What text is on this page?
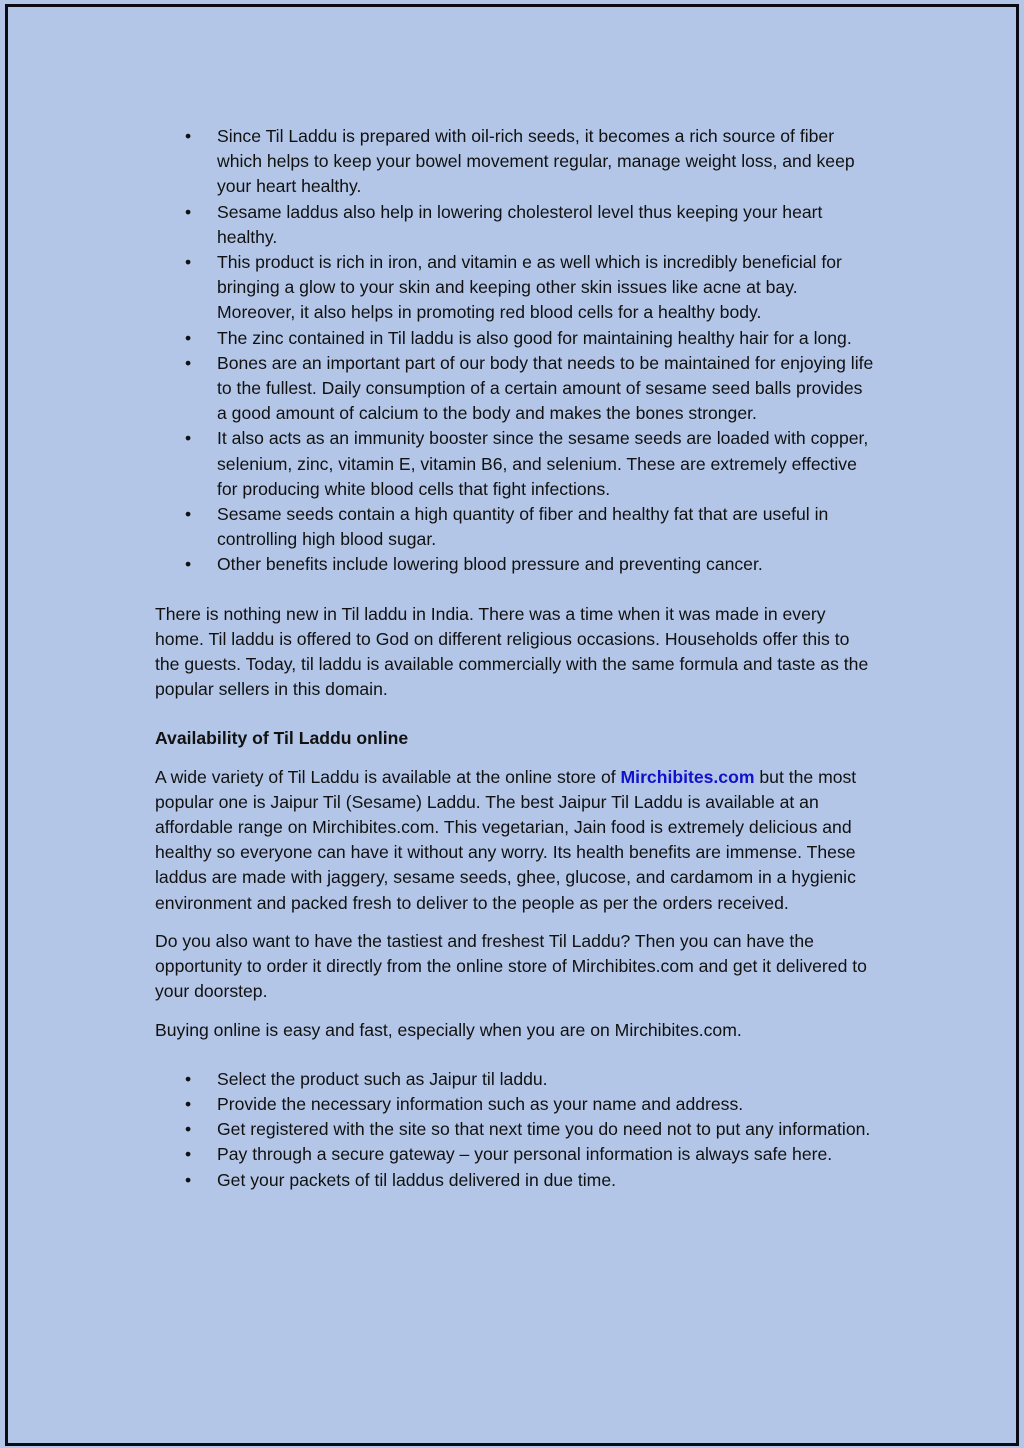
• Since Til Laddu is prepared with oil-rich seeds, it becomes a rich source of fiber which helps to keep your bowel movement regular, manage weight loss, and keep your heart healthy.
• Sesame laddus also help in lowering cholesterol level thus keeping your heart healthy.
• This product is rich in iron, and vitamin e as well which is incredibly beneficial for bringing a glow to your skin and keeping other skin issues like acne at bay. Moreover, it also helps in promoting red blood cells for a healthy body.
• The zinc contained in Til laddu is also good for maintaining healthy hair for a long.
• Bones are an important part of our body that needs to be maintained for enjoying life to the fullest. Daily consumption of a certain amount of sesame seed balls provides a good amount of calcium to the body and makes the bones stronger.
• It also acts as an immunity booster since the sesame seeds are loaded with copper, selenium, zinc, vitamin E, vitamin B6, and selenium. These are extremely effective for producing white blood cells that fight infections.
• Sesame seeds contain a high quantity of fiber and healthy fat that are useful in controlling high blood sugar.
• Other benefits include lowering blood pressure and preventing cancer.

There is nothing new in Til laddu in India. There was a time when it was made in every home. Til laddu is offered to God on different religious occasions. Households offer this to the guests. Today, til laddu is available commercially with the same formula and taste as the popular sellers in this domain.

Availability of Til Laddu online

A wide variety of Til Laddu is available at the online store of Mirchibites.com but the most popular one is Jaipur Til (Sesame) Laddu. The best Jaipur Til Laddu is available at an affordable range on Mirchibites.com. This vegetarian, Jain food is extremely delicious and healthy so everyone can have it without any worry. Its health benefits are immense. These laddus are made with jaggery, sesame seeds, ghee, glucose, and cardamom in a hygienic environment and packed fresh to deliver to the people as per the orders received.

Do you also want to have the tastiest and freshest Til Laddu? Then you can have the opportunity to order it directly from the online store of Mirchibites.com and get it delivered to your doorstep.

Buying online is easy and fast, especially when you are on Mirchibites.com.

• Select the product such as Jaipur til laddu.
• Provide the necessary information such as your name and address.
• Get registered with the site so that next time you do need not to put any information.
• Pay through a secure gateway – your personal information is always safe here.
• Get your packets of til laddus delivered in due time.
